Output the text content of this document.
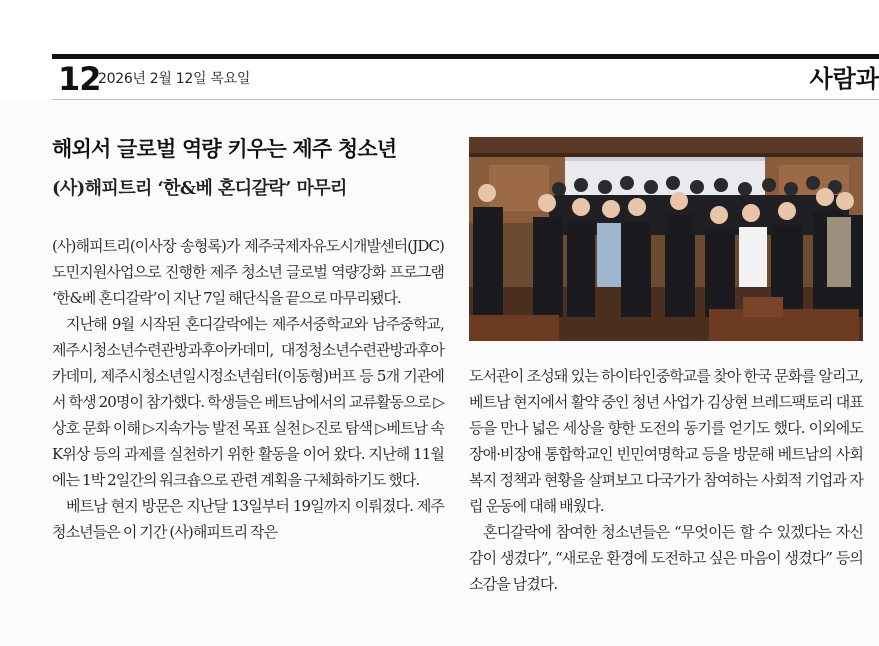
12
2026년 2월 12일 목요일	사람과
해외서 글로벌 역량 키우는 제주 청소년
(사)해피트리 ‘한&베 혼디갈락’ 마무리

(사)해피트리(이사장 송형록)가 제주국제자유도시개발센터(JDC) 도민지원사업으로 진행한 제주 청소년 글로벌 역량강화 프로그램 ‘한&베 혼디갈락’이 지난 7일 해단식을 끝으로 마무리됐다.

지난해 9월 시작된 혼디갈락에는 제주서중학교와 남주중학교, 제주시청소년수련관방과후아카데미, 대정청소년수련관방과후아카데미, 제주시청소년일시정소년쉼터(이동형)버프 등 5개 기관에서 학생 20명이 참가했다. 학생들은 베트남에서의 교류활동으로 ▷상호 문화 이해 ▷지속가능 발전 목표 실천 ▷진로 탐색 ▷베트남 속 K위상 등의 과제를 실천하기 위한 활동을 이어 왔다. 지난해 11월에는 1박 2일간의 워크숍으로 관련 계획을 구체화하기도 했다.

베트남 현지 방문은 지난달 13일부터 19일까지 이뤄졌다. 제주 청소년들은 이 기간 (사)해피트리 작은

도서관이 조성돼 있는 하이타인중학교를 찾아 한국 문화를 알리고, 베트남 현지에서 활약 중인 청년 사업가 김상현 브레드팩토리 대표 등을 만나 넓은 세상을 향한 도전의 동기를 얻기도 했다. 이외에도 장애·비장애 통합학교인 빈민여명학교 등을 방문해 베트남의 사회복지 정책과 현황을 살펴보고 다국가가 참여하는 사회적 기업과 자립 운동에 대해 배웠다.

혼디갈락에 참여한 청소년들은 “무엇이든 할 수 있겠다는 자신감이 생겼다”, “새로운 환경에 도전하고 싶은 마음이 생겼다” 등의 소감을 남겼다.
